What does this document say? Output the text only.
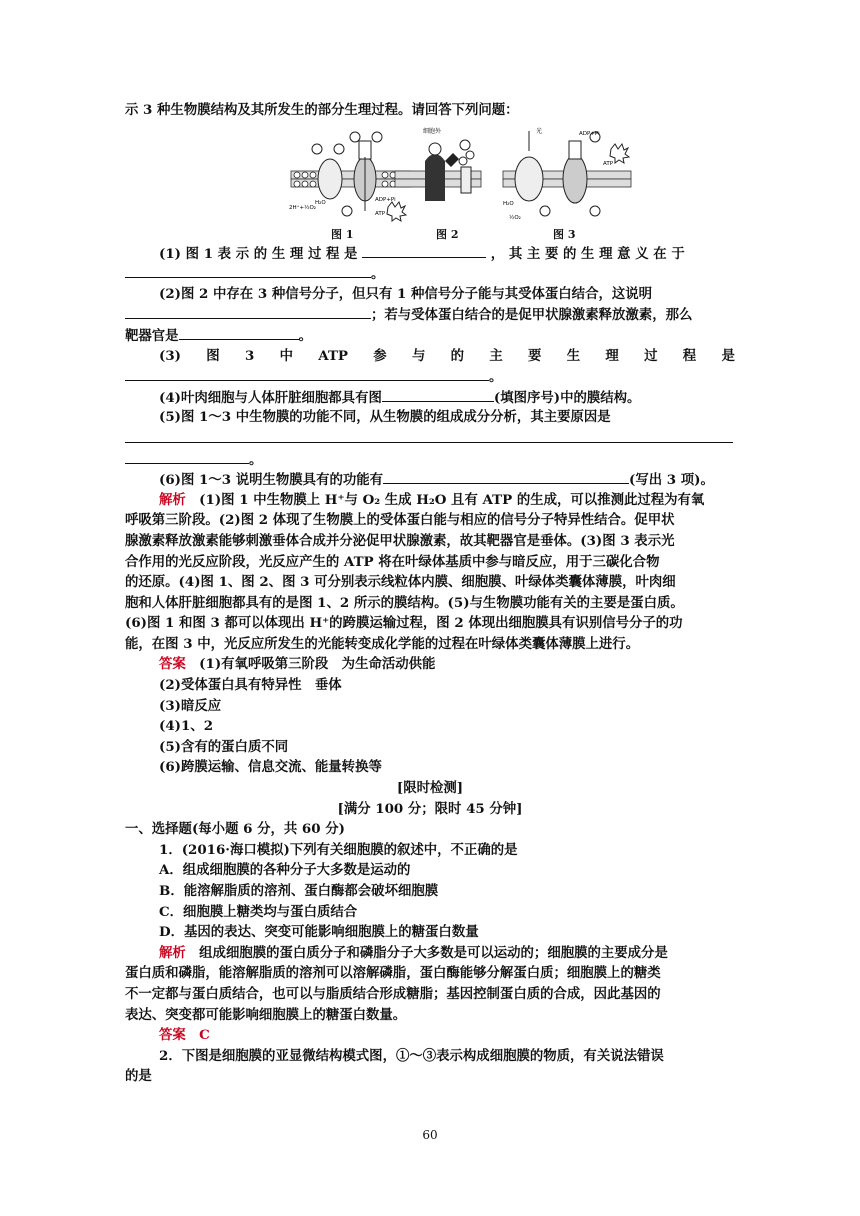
示 3 种生物膜结构及其所发生的部分生理过程。请回答下列问题：
ADP+Pi
ATP
2H⁺+½O₂
H₂O
细胞外	光	ADP+Pi
ATP
H₂O
½O₂
图 1	图 2	图 3
(1) 图 1 表 示 的 生 理 过 程 是	， 其 主 要 的 生 理 意 义 在 于
。
(2)图 2 中存在 3 种信号分子，但只有 1 种信号分子能与其受体蛋白结合，这说明
；若与受体蛋白结合的是促甲状腺激素释放激素，那么
靶器官是	。
(3) 图 3 中 ATP 参 与 的 主 要 生 理 过 程 是
。
(4)叶肉细胞与人体肝脏细胞都具有图	(填图序号)中的膜结构。
(5)图 1～3 中生物膜的功能不同，从生物膜的组成成分分析，其主要原因是
。
(6)图 1～3 说明生物膜具有的功能有	(写出 3 项)。
解析　 (1)图 1 中生物膜上 H⁺与 O₂ 生成 H₂O 且有 ATP 的生成，可以推测此过程为有氧
呼吸第三阶段。(2)图 2 体现了生物膜上的受体蛋白能与相应的信号分子特异性结合。促甲状
腺激素释放激素能够刺激垂体合成并分泌促甲状腺激素，故其靶器官是垂体。(3)图 3 表示光
合作用的光反应阶段，光反应产生的 ATP 将在叶绿体基质中参与暗反应，用于三碳化合物
的还原。(4)图 1、图 2、图 3 可分别表示线粒体内膜、细胞膜、叶绿体类囊体薄膜，叶肉细
胞和人体肝脏细胞都具有的是图 1、2 所示的膜结构。(5)与生物膜功能有关的主要是蛋白质。
(6)图 1 和图 3 都可以体现出 H⁺的跨膜运输过程，图 2 体现出细胞膜具有识别信号分子的功
能，在图 3 中，光反应所发生的光能转变成化学能的过程在叶绿体类囊体薄膜上进行。
答案　 (1)有氧呼吸第三阶段　为生命活动供能
(2)受体蛋白具有特异性　垂体
(3)暗反应
(4)1、2
(5)含有的蛋白质不同
(6)跨膜运输、信息交流、能量转换等
[限时检测]
[满分 100 分；限时 45 分钟]
一、选择题(每小题 6 分，共 60 分)
1．(2016·海口模拟)下列有关细胞膜的叙述中，不正确的是
A．组成细胞膜的各种分子大多数是运动的
B．能溶解脂质的溶剂、蛋白酶都会破坏细胞膜
C．细胞膜上糖类均与蛋白质结合
D．基因的表达、突变可能影响细胞膜上的糖蛋白数量
解析　 组成细胞膜的蛋白质分子和磷脂分子大多数是可以运动的；细胞膜的主要成分是
蛋白质和磷脂，能溶解脂质的溶剂可以溶解磷脂，蛋白酶能够分解蛋白质；细胞膜上的糖类
不一定都与蛋白质结合，也可以与脂质结合形成糖脂；基因控制蛋白质的合成，因此基因的
表达、突变都可能影响细胞膜上的糖蛋白数量。
答案　 C
2．下图是细胞膜的亚显微结构模式图，①～③表示构成细胞膜的物质，有关说法错误
的是
60
